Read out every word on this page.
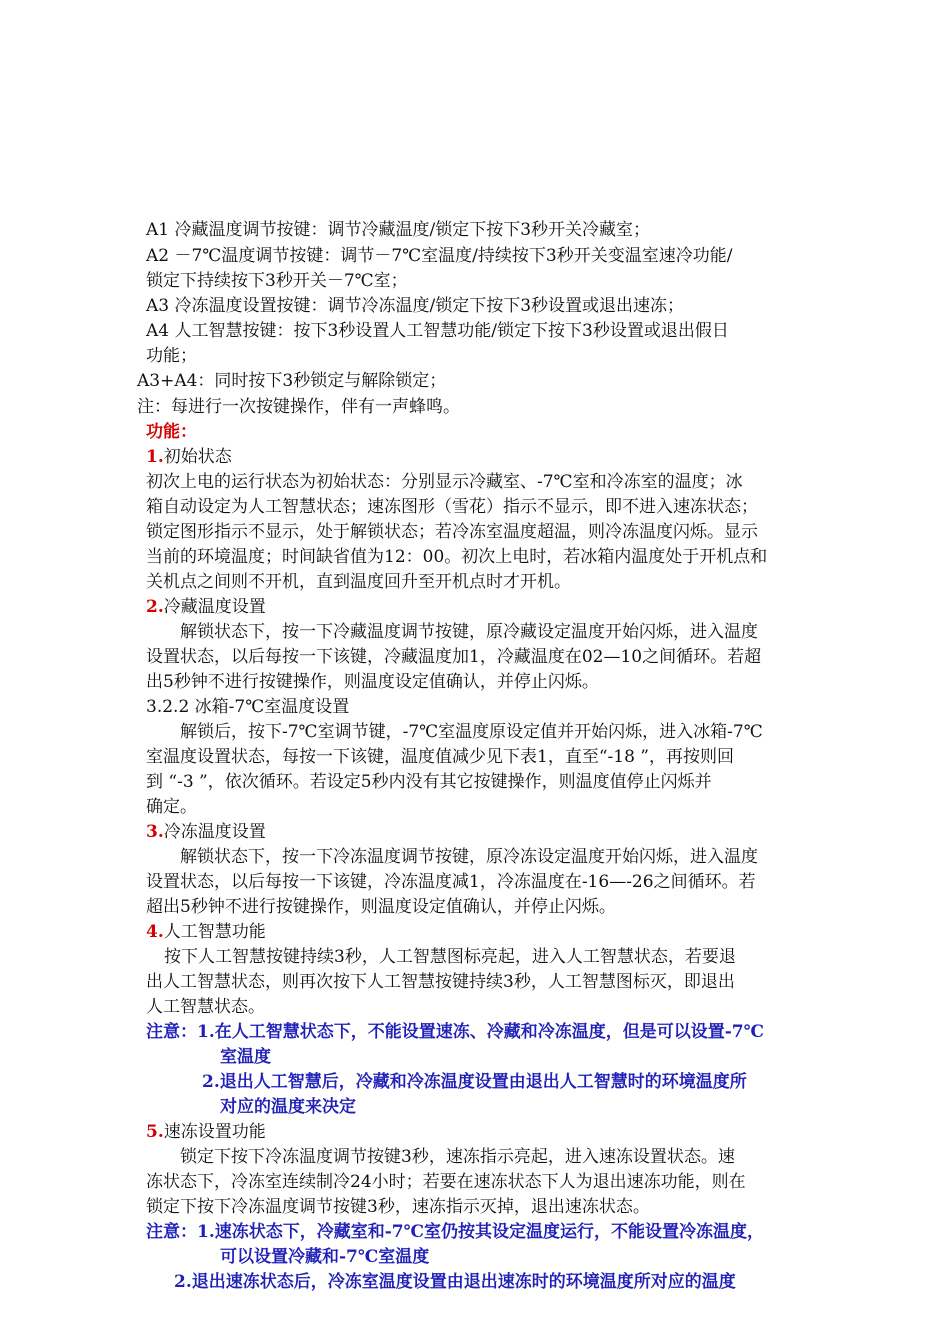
A1 冷藏温度调节按键：调节冷藏温度/锁定下按下3秒开关冷藏室；
A2 －7℃温度调节按键：调节－7℃室温度/持续按下3秒开关变温室速冷功能/
锁定下持续按下3秒开关－7℃室；
A3 冷冻温度设置按键：调节冷冻温度/锁定下按下3秒设置或退出速冻；
A4 人工智慧按键：按下3秒设置人工智慧功能/锁定下按下3秒设置或退出假日
功能；
A3+A4：同时按下3秒锁定与解除锁定；
注：每进行一次按键操作，伴有一声蜂鸣。
功能：
1.初始状态
初次上电的运行状态为初始状态：分别显示冷藏室、-7℃室和冷冻室的温度；冰
箱自动设定为人工智慧状态；速冻图形（雪花）指示不显示，即不进入速冻状态；
锁定图形指示不显示，处于解锁状态；若冷冻室温度超温，则冷冻温度闪烁。显示
当前的环境温度；时间缺省值为12：00。初次上电时，若冰箱内温度处于开机点和
关机点之间则不开机，直到温度回升至开机点时才开机。
2.冷藏温度设置
解锁状态下，按一下冷藏温度调节按键，原冷藏设定温度开始闪烁，进入温度
设置状态，以后每按一下该键，冷藏温度加1，冷藏温度在02—10之间循环。若超
出5秒钟不进行按键操作，则温度设定值确认，并停止闪烁。
3.2.2 冰箱-7℃室温度设置
解锁后，按下-7℃室调节键，-7℃室温度原设定值并开始闪烁，进入冰箱-7℃
室温度设置状态，每按一下该键，温度值减少见下表1，直至“-18 ”，再按则回
到 “-3 ”，依次循环。若设定5秒内没有其它按键操作，则温度值停止闪烁并
确定。
3.冷冻温度设置
解锁状态下，按一下冷冻温度调节按键，原冷冻设定温度开始闪烁，进入温度
设置状态，以后每按一下该键，冷冻温度减1，冷冻温度在-16—-26之间循环。若
超出5秒钟不进行按键操作，则温度设定值确认，并停止闪烁。
4.人工智慧功能
按下人工智慧按键持续3秒，人工智慧图标亮起，进入人工智慧状态，若要退
出人工智慧状态，则再次按下人工智慧按键持续3秒，人工智慧图标灭，即退出
人工智慧状态。
注意：1.在人工智慧状态下，不能设置速冻、冷藏和冷冻温度，但是可以设置-7℃
室温度
2.退出人工智慧后，冷藏和冷冻温度设置由退出人工智慧时的环境温度所
对应的温度来决定
5.速冻设置功能
锁定下按下冷冻温度调节按键3秒，速冻指示亮起，进入速冻设置状态。速
冻状态下，冷冻室连续制冷24小时；若要在速冻状态下人为退出速冻功能，则在
锁定下按下冷冻温度调节按键3秒，速冻指示灭掉，退出速冻状态。
注意：1.速冻状态下，冷藏室和-7℃室仍按其设定温度运行，不能设置冷冻温度，
可以设置冷藏和-7℃室温度
2.退出速冻状态后，冷冻室温度设置由退出速冻时的环境温度所对应的温度
